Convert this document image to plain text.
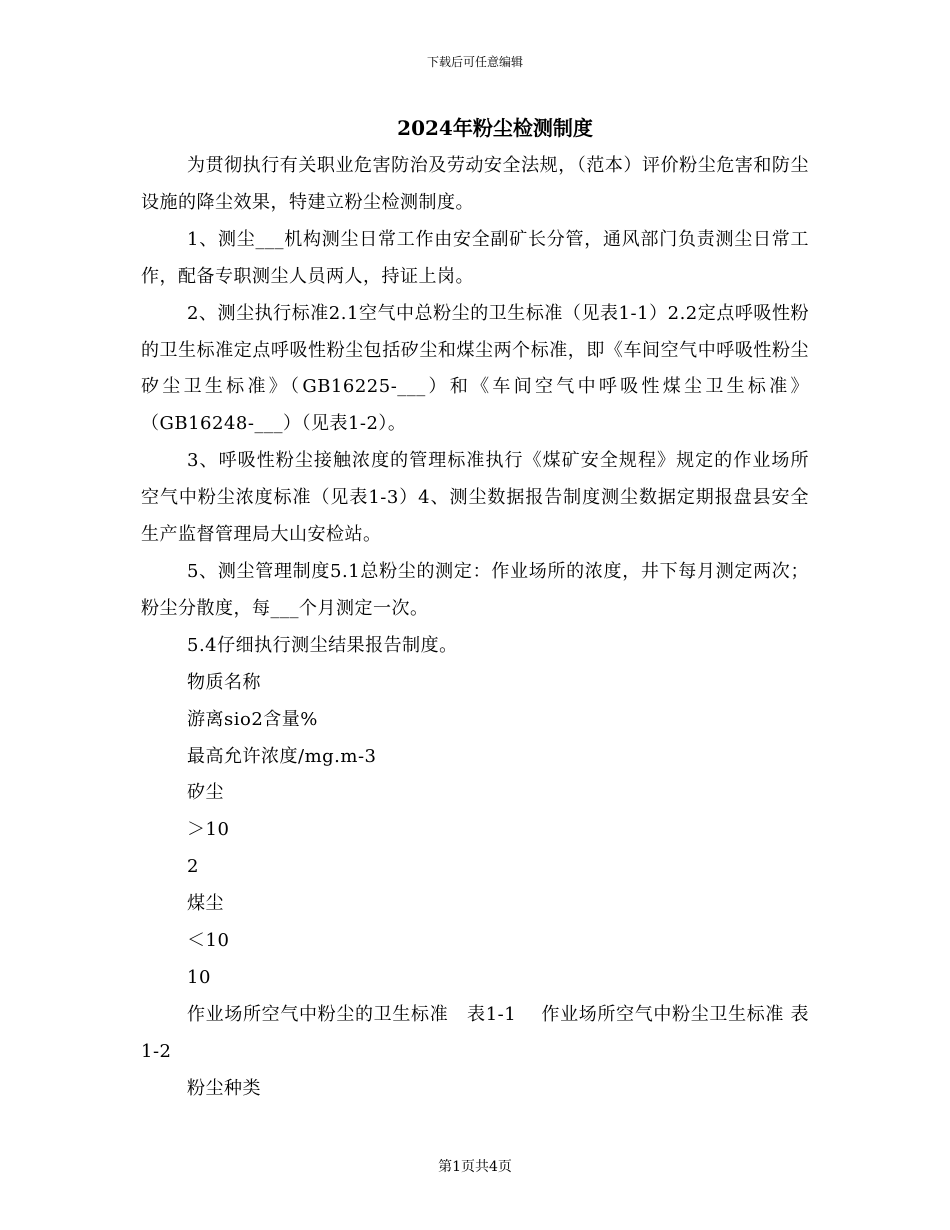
下载后可任意编辑
2024年粉尘检测制度

为贯彻执行有关职业危害防治及劳动安全法规，（范本）评价粉尘危害和防尘设施的降尘效果，特建立粉尘检测制度。

1、测尘___机构测尘日常工作由安全副矿长分管，通风部门负责测尘日常工作，配备专职测尘人员两人，持证上岗。

2、测尘执行标准2.1空气中总粉尘的卫生标准（见表1-1）2.2定点呼吸性粉的卫生标准定点呼吸性粉尘包括矽尘和煤尘两个标准，即《车间空气中呼吸性粉尘矽尘卫生标准》（GB16225-___）和《车间空气中呼吸性煤尘卫生标准》（GB16248-___）（见表1-2）。

3、呼吸性粉尘接触浓度的管理标准执行《煤矿安全规程》规定的作业场所空气中粉尘浓度标准（见表1-3）4、测尘数据报告制度测尘数据定期报盘县安全生产监督管理局大山安检站。

5、测尘管理制度5.1总粉尘的测定：作业场所的浓度，井下每月测定两次；粉尘分散度，每___个月测定一次。

5.4仔细执行测尘结果报告制度。

物质名称

游离sio2含量%

最高允许浓度/mg.m-3

矽尘

＞10

2

煤尘

＜10

10

作业场所空气中粉尘的卫生标准　表1-1　 作业场所空气中粉尘卫生标准 表1-2

粉尘种类

第1页共4页
